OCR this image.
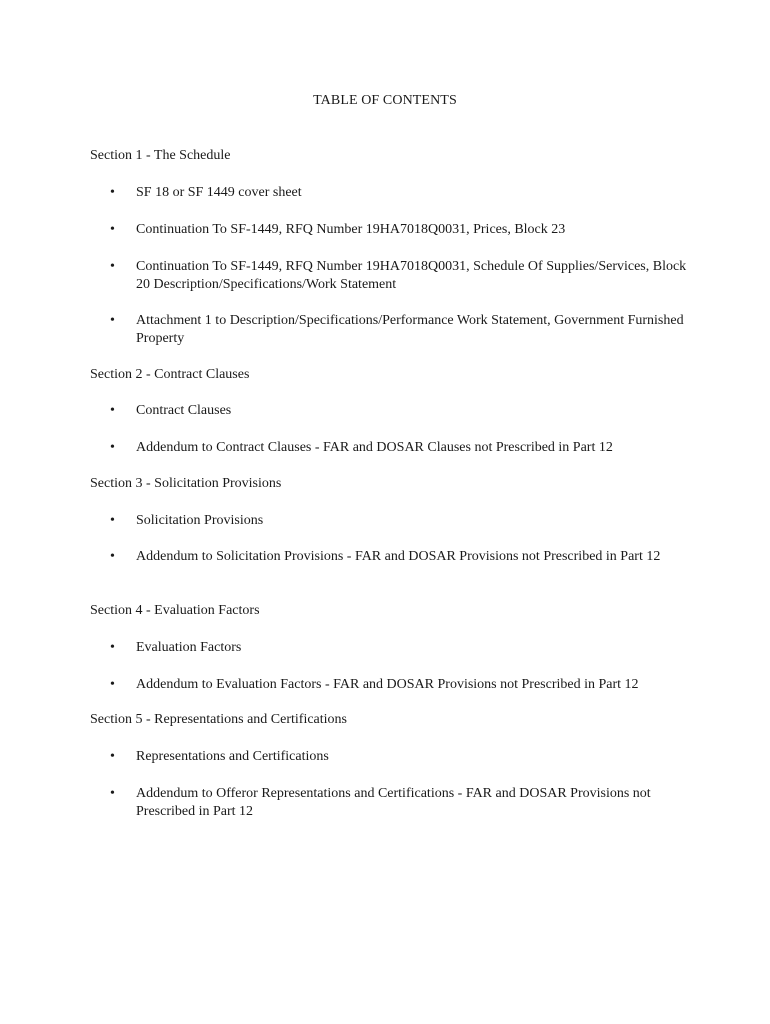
TABLE OF CONTENTS
Section 1 - The Schedule
•	SF 18 or SF 1449 cover sheet
•	Continuation To SF-1449, RFQ Number 19HA7018Q0031, Prices, Block 23
•	Continuation To SF-1449, RFQ Number 19HA7018Q0031, Schedule Of Supplies/Services, Block 20 Description/Specifications/Work Statement
•	Attachment 1 to Description/Specifications/Performance Work Statement, Government Furnished Property
Section 2 - Contract Clauses
•	Contract Clauses
•	Addendum to Contract Clauses - FAR and DOSAR Clauses not Prescribed in Part 12
Section 3 - Solicitation Provisions
•	Solicitation Provisions
•	Addendum to Solicitation Provisions - FAR and DOSAR Provisions not Prescribed in Part 12
Section 4 - Evaluation Factors
•	Evaluation Factors
•	Addendum to Evaluation Factors - FAR and DOSAR Provisions not Prescribed in Part 12
Section 5 - Representations and Certifications
•	Representations and Certifications
•	Addendum to Offeror Representations and Certifications - FAR and DOSAR Provisions not Prescribed in Part 12
